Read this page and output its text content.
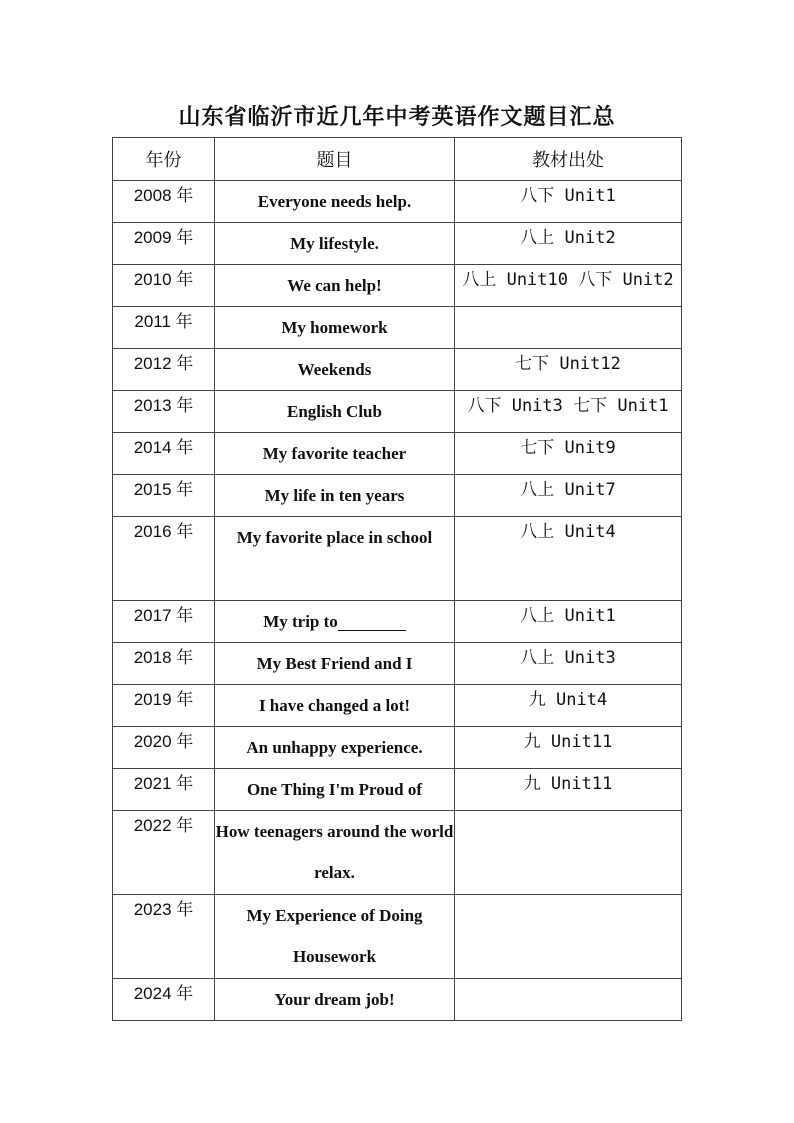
山东省临沂市近几年中考英语作文题目汇总
年份	题目	教材出处
2008 年	Everyone needs help.	八下 Unit1
2009 年	My lifestyle.	八上 Unit2
2010 年	We can help!	八上 Unit10 八下 Unit2
2011 年	My homework	
2012 年	Weekends	七下 Unit12
2013 年	English Club	八下 Unit3 七下 Unit1
2014 年	My favorite teacher	七下 Unit9
2015 年	My life in ten years	八上 Unit7
2016 年	My favorite place in school	八上 Unit4
2017 年	My trip to	八上 Unit1
2018 年	My Best Friend and I	八上 Unit3
2019 年	I have changed a lot!	九 Unit4
2020 年	An unhappy experience.	九 Unit11
2021 年	One Thing I'm Proud of	九 Unit11
2022 年	How teenagers around the world relax.	
2023 年	My Experience of Doing Housework	
2024 年	Your dream job!	
